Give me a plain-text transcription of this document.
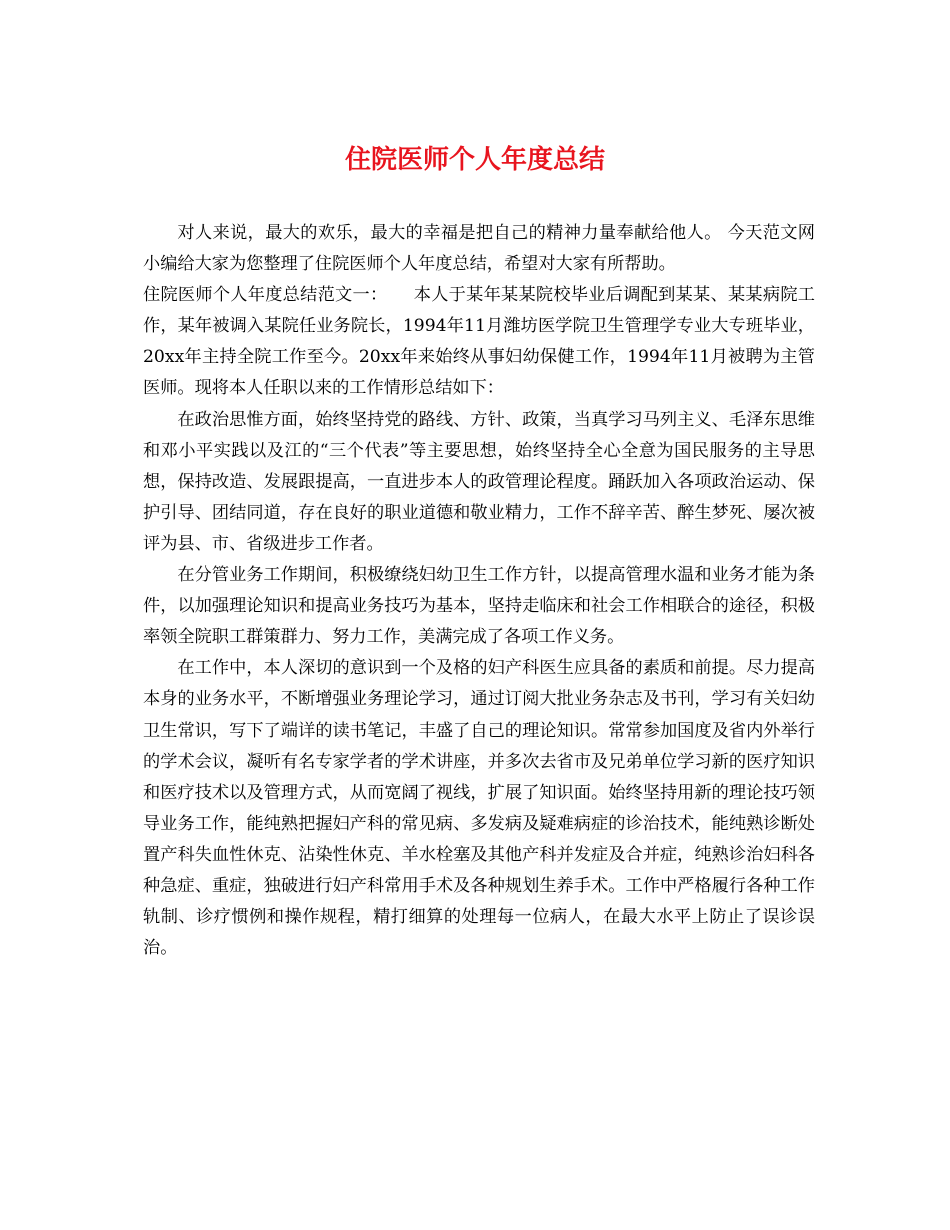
住院医师个人年度总结

对人来说，最大的欢乐，最大的幸福是把自己的精神力量奉献给他人。 今天范文网小编给大家为您整理了住院医师个人年度总结，希望对大家有所帮助。

住院医师个人年度总结范文一：　　本人于某年某某院校毕业后调配到某某、某某病院工作，某年被调入某院任业务院长，1994年11月潍坊医学院卫生管理学专业大专班毕业，20xx年主持全院工作至今。20xx年来始终从事妇幼保健工作，1994年11月被聘为主管医师。现将本人任职以来的工作情形总结如下：

在政治思惟方面，始终坚持党的路线、方针、政策，当真学习马列主义、毛泽东思维和邓小平实践以及江的“三个代表”等主要思想，始终坚持全心全意为国民服务的主导思想，保持改造、发展跟提高，一直进步本人的政管理论程度。踊跃加入各项政治运动、保护引导、团结同道，存在良好的职业道德和敬业精力，工作不辞辛苦、醉生梦死、屡次被评为县、市、省级进步工作者。

在分管业务工作期间，积极缭绕妇幼卫生工作方针，以提高管理水温和业务才能为条件，以加强理论知识和提高业务技巧为基本，坚持走临床和社会工作相联合的途径，积极率领全院职工群策群力、努力工作，美满完成了各项工作义务。

在工作中，本人深切的意识到一个及格的妇产科医生应具备的素质和前提。尽力提高本身的业务水平，不断增强业务理论学习，通过订阅大批业务杂志及书刊，学习有关妇幼卫生常识，写下了端详的读书笔记，丰盛了自己的理论知识。常常参加国度及省内外举行的学术会议，凝听有名专家学者的学术讲座，并多次去省市及兄弟单位学习新的医疗知识和医疗技术以及管理方式，从而宽阔了视线，扩展了知识面。始终坚持用新的理论技巧领导业务工作，能纯熟把握妇产科的常见病、多发病及疑难病症的诊治技术，能纯熟诊断处置产科失血性休克、沾染性休克、羊水栓塞及其他产科并发症及合并症，纯熟诊治妇科各种急症、重症，独破进行妇产科常用手术及各种规划生养手术。工作中严格履行各种工作轨制、诊疗惯例和操作规程，精打细算的处理每一位病人，在最大水平上防止了误诊误治。
